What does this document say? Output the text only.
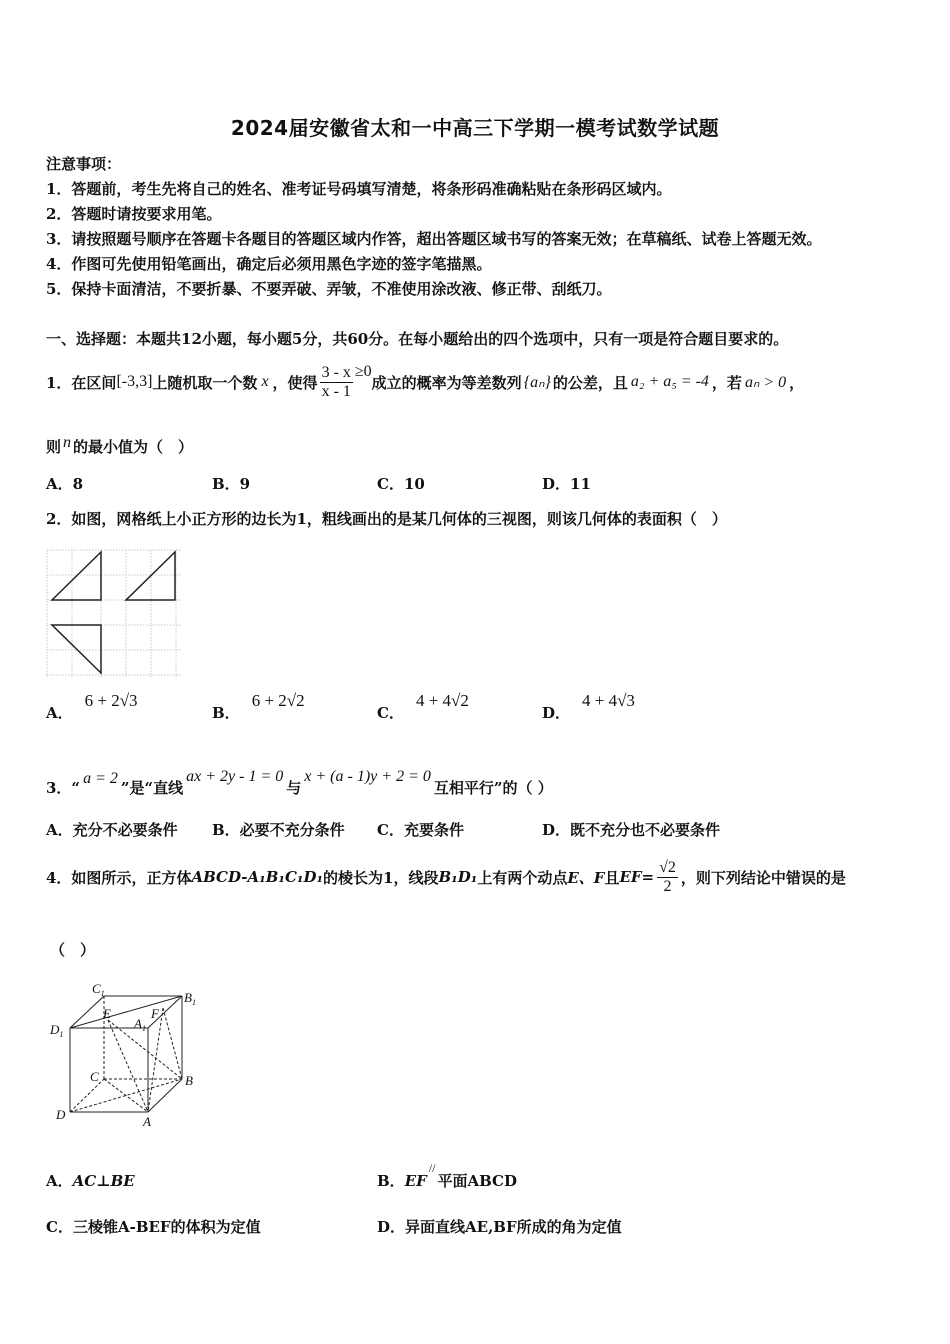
2024届安徽省太和一中高三下学期一模考试数学试题
注意事项：
1．答题前，考生先将自己的姓名、准考证号码填写清楚，将条形码准确粘贴在条形码区域内。
2．答题时请按要求用笔。
3．请按照题号顺序在答题卡各题目的答题区域内作答，超出答题区域书写的答案无效；在草稿纸、试卷上答题无效。
4．作图可先使用铅笔画出，确定后必须用黑色字迹的签字笔描黑。
5．保持卡面清洁，不要折暴、不要弄破、弄皱，不准使用涂改液、修正带、刮纸刀。
一、选择题：本题共12小题，每小题5分，共60分。在每小题给出的四个选项中，只有一项是符合题目要求的。
1．在区间 [-3,3] 上随机取一个数 x ，使得 $\frac{3 - x}{x - 1} \ge 0$
成立的概率为等差数列 {aₙ} 的公差，且 a₂ + a₅ = -4 ，若 aₙ > 0 ，
则 n 的最小值为（　）
A．8	B．9	C．10	D．11
2．如图，网格纸上小正方形的边长为1，粗线画出的是某几何体的三视图，则该几何体的表面积（　）
A．
6 + 2√3
B．
6 + 2√2
C．
4 + 4√2
D．
4 + 4√3
3．“
a = 2
”是“直线
ax + 2y - 1 = 0
与
x + (a - 1)y + 2 = 0
互相平行”的（ ）
A．充分不必要条件 B．必要不充分条件 C．充要条件	D．既不充分也不必要条件
4．如图所示，正方体 ABCD-A₁B₁C₁D₁ 的棱长为1，线段 B₁D₁ 上有两个动点 E、F 且 $EF= \frac{√2}{2}$ ，则下列结论中错误的是
（　）
$C_1$	$B_1$
$D_1$
E
$A_1$
F
C	B
D	A
A．AC⊥BE	B．EF//平面ABCD
C．三棱锥A-BEF的体积为定值	D．异面直线AE,BF所成的角为定值
